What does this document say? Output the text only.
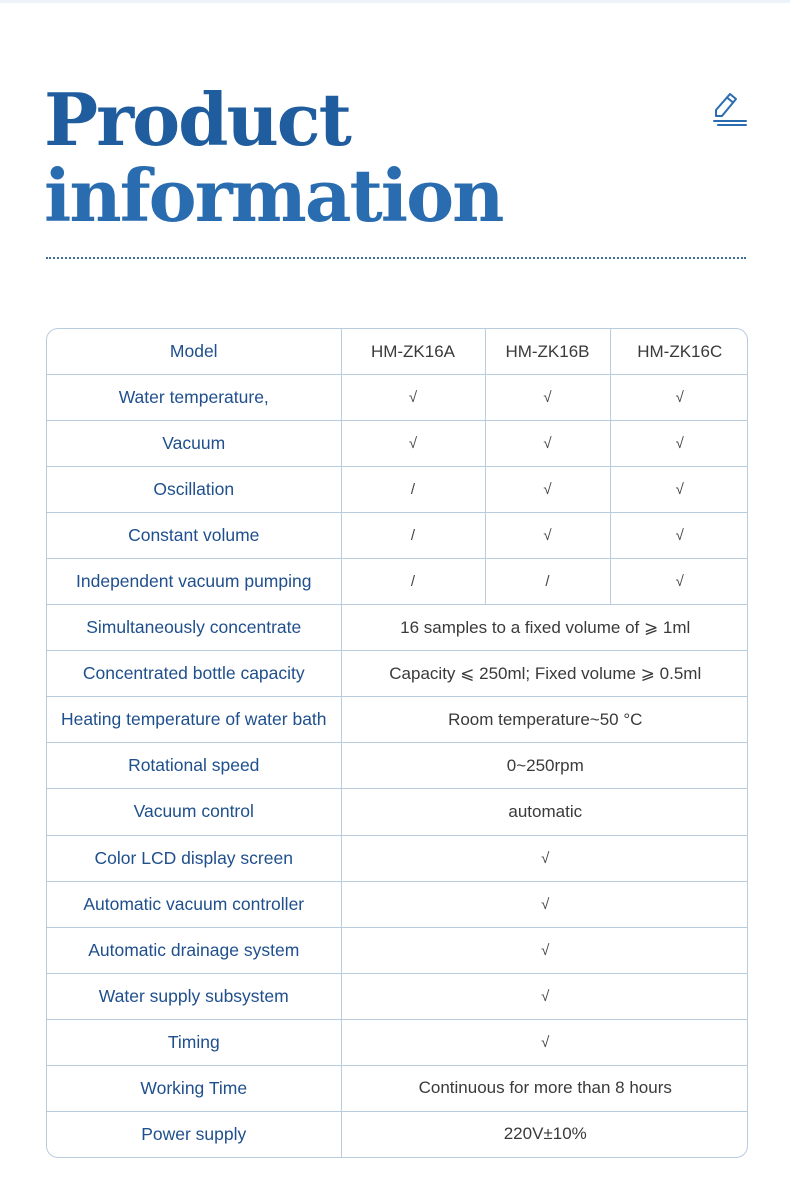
Product
information
Model	HM-ZK16A	HM-ZK16B	HM-ZK16C
Water temperature,	√	√	√
Vacuum	√	√	√
Oscillation	/	√	√
Constant volume	/	√	√
Independent vacuum pumping	/	/	√
Simultaneously concentrate	16 samples to a fixed volume of ⩾ 1ml		
Concentrated bottle capacity	Capacity ⩽ 250ml; Fixed volume ⩾ 0.5ml		
Heating temperature of water bath	Room temperature~50 °C		
Rotational speed	0~250rpm		
Vacuum control	automatic		
Color LCD display screen	√		
Automatic vacuum controller	√		
Automatic drainage system	√		
Water supply subsystem	√		
Timing	√		
Working Time	Continuous for more than 8 hours		
Power supply	220V±10%		
